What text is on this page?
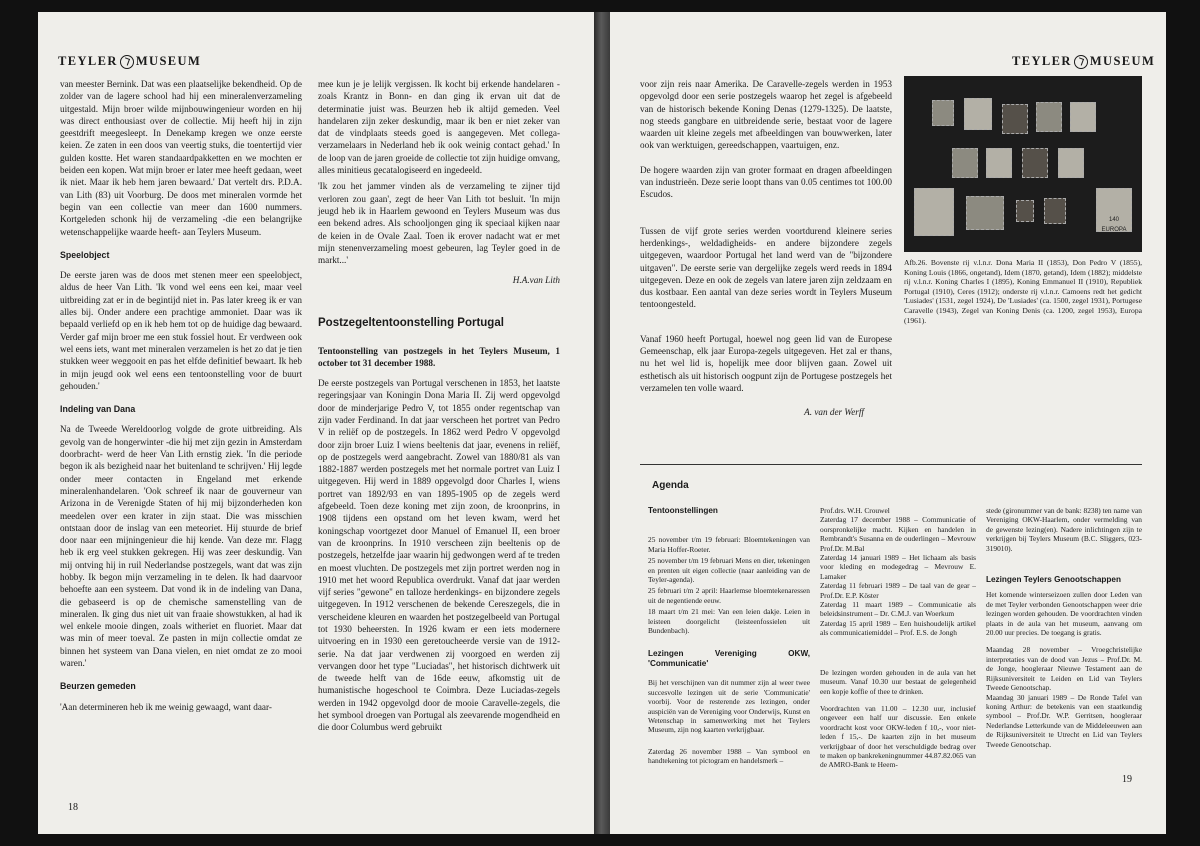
TEYLER MUSEUM

van meester Bernink. Dat was een plaatselijke bekendheid. Op de zolder van de lagere school had hij een mineralenverzameling uitgestald. Mijn broer wilde mijnbouwingenieur worden en hij was direct enthousiast over de collectie. Mij heeft hij in zijn geestdrift meegesleept. In Denekamp kregen we onze eerste keien. Ze zaten in een doos van veertig stuks, die toentertijd vier gulden kostte. Het waren standaardpakketten en we mochten er beiden een kopen. Wat mijn broer er later mee heeft gedaan, weet ik niet. Maar ik heb hem jaren bewaard.' Dat vertelt drs. P.D.A. van Lith (83) uit Voorburg. De doos met mineralen vormde het begin van een collectie van meer dan 1600 nummers. Kortgeleden schonk hij de verzameling -die een belangrijke wetenschappelijke waarde heeft- aan Teylers Museum.

Speelobject

De eerste jaren was de doos met stenen meer een speelobject, aldus de heer Van Lith. 'Ik vond wel eens een kei, maar veel uitbreiding zat er in de begintijd niet in. Pas later kreeg ik er van alles bij. Onder andere een prachtige ammoniet. Daar was ik bepaald verliefd op en ik heb hem tot op de huidige dag bewaard. Verder gaf mijn broer me een stuk fossiel hout. Er verdween ook wel eens iets, want met mineralen verzamelen is het zo dat je tien stukken weer weggooit en pas het elfde definitief bewaart. Ik heb in mijn jeugd ook wel eens een tentoonstelling voor de buurt gehouden.'

Indeling van Dana

Na de Tweede Wereldoorlog volgde de grote uitbreiding. Als gevolg van de hongerwinter -die hij met zijn gezin in Amsterdam doorbracht- werd de heer Van Lith ernstig ziek. 'In die periode begon ik als bezigheid naar het buitenland te schrijven.' Hij legde onder meer contacten in Engeland met erkende mineralenhandelaren. 'Ook schreef ik naar de gouverneur van Arizona in de Verenigde Staten of hij mij bijzonderheden kon meedelen over een krater in zijn staat. Die was misschien ontstaan door de inslag van een meteoriet. Hij stuurde de brief door naar een mijningenieur die hij kende. Van deze mr. Flagg heb ik erg veel stukken gekregen. Hij was zeer deskundig. Van mij ontving hij in ruil Nederlandse postzegels, want dat was zijn hobby. Ik begon mijn verzameling in te delen. Ik had daarvoor behoefte aan een systeem. Dat vond ik in de indeling van Dana, die gebaseerd is op de chemische samenstelling van de mineralen. Ik ging dus niet uit van fraaie showstukken, al had ik wel enkele mooie dingen, zoals witheriet en fluoriet. Maar dat was min of meer toeval. Ze pasten in mijn collectie omdat ze binnen het systeem van Dana vielen, en niet omdat ze zo mooi waren.'

Beurzen gemeden

'Aan determineren heb ik me weinig gewaagd, want daar-

mee kun je je lelijk vergissen. Ik kocht bij erkende handelaren -zoals Krantz in Bonn- en dan ging ik ervan uit dat de determinatie juist was. Beurzen heb ik altijd gemeden. Veel handelaren zijn zeker deskundig, maar ik ben er niet zeker van dat de vindplaats steeds goed is aangegeven. Met collega-verzamelaars in Nederland heb ik ook weinig contact gehad.' In de loop van de jaren groeide de collectie tot zijn huidige omvang, alles minitieus gecatalogiseerd en ingedeeld.

'Ik zou het jammer vinden als de verzameling te zijner tijd verloren zou gaan', zegt de heer Van Lith tot besluit. 'In mijn jeugd heb ik in Haarlem gewoond en Teylers Museum was dus een bekend adres. Als schooljongen ging ik speciaal kijken naar de keien in de Ovale Zaal. Toen ik erover nadacht wat er met mijn stenenverzameling moest gebeuren, lag Teyler goed in de markt...'

H.A.van Lith

Postzegeltentoonstelling Portugal
Tentoonstelling van postzegels in het Teylers Museum, 1 october tot 31 december 1988.

De eerste postzegels van Portugal verschenen in 1853, het laatste regeringsjaar van Koningin Dona Maria II. Zij werd opgevolgd door de minderjarige Pedro V, tot 1855 onder regentschap van zijn vader Ferdinand. In dat jaar verscheen het portret van Pedro V in reliëf op de postzegels. In 1862 werd Pedro V opgevolgd door zijn broer Luiz I wiens beeltenis dat jaar, evenens in reliëf, op de postzegels werd aangebracht. Zowel van 1880/81 als van 1882-1887 werden postzegels met het normale portret van Luiz I uitgegeven. Hij werd in 1889 opgevolgd door Charles I, wiens portret van 1892/93 en van 1895-1905 op de zegels werd afgebeeld. Toen deze koning met zijn zoon, de kroonprins, in 1908 tijdens een opstand om het leven kwam, werd het koningschap voortgezet door Manuel of Emanuel II, een broer van de kroonprins. In 1910 verscheen zijn beeltenis op de postzegels, hetzelfde jaar waarin hij gedwongen werd af te treden en moest vluchten. De postzegels met zijn portret werden nog in 1910 met het woord Republica overdrukt. Vanaf dat jaar werden vijf series "gewone" en talloze herdenkings- en bijzondere zegels uitgegeven. In 1912 verschenen de bekende Cereszegels, die in verscheidene kleuren en waarden het postzegelbeeld van Portugal tot 1930 beheersten. In 1926 kwam er een iets modernere uitvoering en in 1930 een geretoucheerde versie van de 1912-serie. Na dat jaar verdwenen zij voorgoed en werden zij vervangen door het type "Luciadas", het historisch dichtwerk uit de tweede helft van de 16de eeuw, afkomstig uit de humanistische hogeschool te Coimbra. Deze Luciadas-zegels werden in 1942 opgevolgd door de mooie Caravelle-zegels, die het symbool droegen van Portugal als zeevarende mogendheid en die door Columbus werd gebruikt

18
TEYLER MUSEUM

voor zijn reis naar Amerika. De Caravelle-zegels werden in 1953 opgevolgd door een serie postzegels waarop het zegel is afgebeeld van de historisch bekende Koning Denas (1279-1325). De laatste, nog steeds gangbare en uitbreidende serie, bestaat voor de lagere waarden uit kleine zegels met afbeeldingen van bouwwerken, later ook van werktuigen, gereedschappen, vaartuigen, enz.

De hogere waarden zijn van groter formaat en dragen afbeeldingen van industrieën. Deze serie loopt thans van 0.05 centimes tot 100.00 Escudos.

Tussen de vijf grote series werden voortdurend kleinere series herdenkings-, weldadigheids- en andere bijzondere zegels uitgegeven, waardoor Portugal het land werd van de "bijzondere uitgaven". De eerste serie van dergelijke zegels werd reeds in 1894 uitgegeven. Deze en ook de zegels van latere jaren zijn zeldzaam en dus kostbaar. Een aantal van deze series wordt in Teylers Museum tentoongesteld.

Vanaf 1960 heeft Portugal, hoewel nog geen lid van de Europese Gemeenschap, elk jaar Europa-zegels uitgegeven. Het zal er thans, nu het wel lid is, hopelijk mee door blijven gaan. Zowel uit esthetisch als uit historisch oogpunt zijn de Portugese postzegels het verzamelen ten volle waard.

A. van der Werff

140 EUROPA
Afb.26. Bovenste rij v.l.n.r. Dona Maria II (1853), Don Pedro V (1855), Koning Louis (1866, ongetand), Idem (1870, getand), Idem (1882); middelste rij v.l.n.r. Koning Charles I (1895), Koning Emmanuel II (1910), Republiek Portugal (1910), Ceres (1912); onderste rij v.l.n.r. Camoens redt het gedicht 'Lusiades' (1531, zegel 1924), De 'Lusiades' (ca. 1500, zegel 1931), Portugese Caravelle (1943), Zegel van Koning Denis (ca. 1200, zegel 1953), Europa (1961).
Agenda
Tentoonstellingen

25 november t/m 19 februari: Bloemtekeningen van Maria Hoffer-Roeter.

25 november t/m 19 februari Mens en dier, tekeningen en prenten uit eigen collectie (naar aanleiding van de Teyler-agenda).

25 februari t/m 2 april: Haarlemse bloemtekenaressen uit de negentiende eeuw.

18 maart t/m 21 mei: Van een leien dakje. Leien in leisteen doorgelicht (leisteenfossielen uit Bundenbach).

Lezingen Vereniging OKW, 'Communicatie'

Bij het verschijnen van dit nummer zijn al weer twee succesvolle lezingen uit de serie 'Communicatie' voorbij. Voor de resterende zes lezingen, onder auspiciën van de Vereniging voor Onderwijs, Kunst en Wetenschap in samenwerking met het Teylers Museum, zijn nog kaarten verkrijgbaar.

Zaterdag 26 november 1988 – Van symbool en handtekening tot pictogram en handelsmerk –

Prof.drs. W.H. Crouwel
Zaterdag 17 december 1988 – Communicatie of oorspronkelijke macht. Kijken en handelen in Rembrandt's Susanna en de ouderlingen – Mevrouw Prof.Dr. M.Bal
Zaterdag 14 januari 1989 – Het lichaam als basis voor kleding en modegedrag – Mevrouw E. Lamaker
Zaterdag 11 februari 1989 – De taal van de gear – Prof.Dr. E.P. Köster
Zaterdag 11 maart 1989 – Communicatie als beleidsinstrument – Dr. C.M.J. van Woerkum
Zaterdag 15 april 1989 – Een huishoudelijk artikel als communicatiemiddel – Prof. E.S. de Jongh

De lezingen worden gehouden in de aula van het museum. Vanaf 10.30 uur bestaat de gelegenheid een kopje koffie of thee te drinken.

Voordrachten van 11.00 – 12.30 uur, inclusief ongeveer een half uur discussie. Een enkele voordracht kost voor OKW-leden f 10,-, voor niet-leden f 15,-. De kaarten zijn in het museum verkrijgbaar of door het verschuldigde bedrag over te maken op bankrekeningnummer 44.87.82.065 van de AMRO-Bank te Heem-

stede (gironummer van de bank: 8238) ten name van Vereniging OKW-Haarlem, onder vermelding van de gewenste lezing(en). Nadere inlichtingen zijn te verkrijgen bij Teylers Museum (B.C. Sliggers, 023-319010).

Lezingen Teylers Genootschappen

Het komende winterseizoen zullen door Leden van de met Teyler verbonden Genootschappen weer drie lezingen worden gehouden. De voordrachten vinden plaats in de aula van het museum, aanvang om 20.00 uur precies. De toegang is gratis.

Maandag 28 november – Vroegchristelijke interpretaties van de dood van Jezus – Prof.Dr. M. de Jonge, hoogleraar Nieuwe Testament aan de Rijksuniversiteit te Leiden en Lid van Teylers Tweede Genootschap.
Maandag 30 januari 1989 – De Ronde Tafel van koning Arthur: de betekenis van een staatkundig symbool – Prof.Dr. W.P. Gerritsen, hoogleraar Nederlandse Letterkunde van de Middeleeuwen aan de Rijksuniversiteit te Utrecht en Lid van Teylers Tweede Genootschap.

19
